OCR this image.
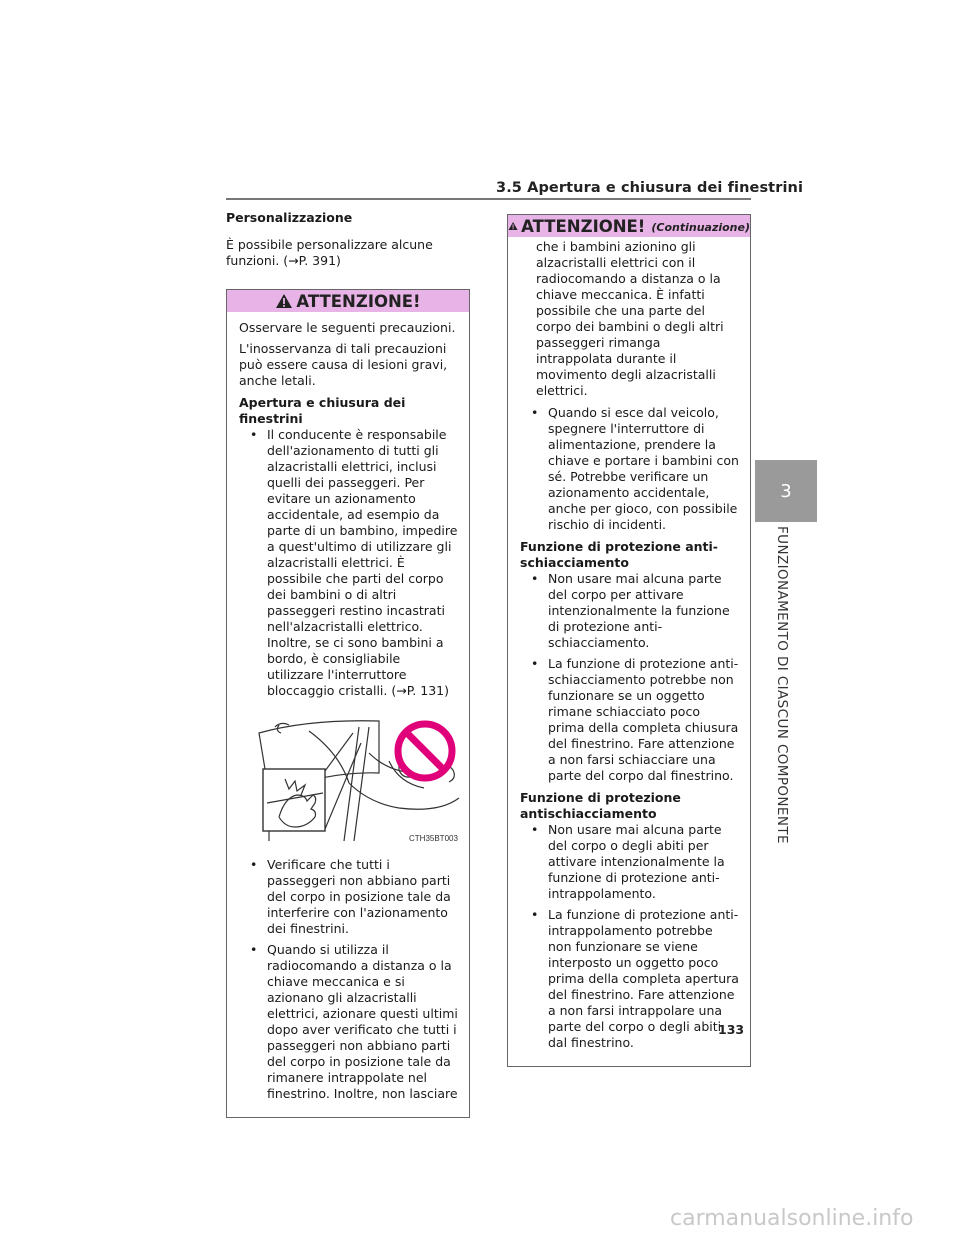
3.5 Apertura e chiusura dei finestrini
Personalizzazione
È possibile personalizzare alcune funzioni. (→P. 391)
ATTENZIONE!
Osservare le seguenti precauzioni.
L'inosservanza di tali precauzioni può essere causa di lesioni gravi, anche letali.
Apertura e chiusura dei finestrini
• Il conducente è responsabile dell'azionamento di tutti gli alzacristalli elettrici, inclusi quelli dei passeggeri. Per evitare un azionamento accidentale, ad esempio da parte di un bambino, impedire a quest'ultimo di utilizzare gli alzacristalli elettrici. È possibile che parti del corpo dei bambini o di altri passeggeri restino incastrati nell'alzacristalli elettrico. Inoltre, se ci sono bambini a bordo, è consigliabile utilizzare l'interruttore bloccaggio cristalli. (→P. 131)
CTH35BT003
• Verificare che tutti i passeggeri non abbiano parti del corpo in posizione tale da interferire con l'azionamento dei finestrini.
• Quando si utilizza il radiocomando a distanza o la chiave meccanica e si azionano gli alzacristalli elettrici, azionare questi ultimi dopo aver verificato che tutti i passeggeri non abbiano parti del corpo in posizione tale da rimanere intrappolate nel finestrino. Inoltre, non lasciare
ATTENZIONE! (Continuazione)
che i bambini azionino gli alzacristalli elettrici con il radiocomando a distanza o la chiave meccanica. È infatti possibile che una parte del corpo dei bambini o degli altri passeggeri rimanga intrappolata durante il movimento degli alzacristalli elettrici.
• Quando si esce dal veicolo, spegnere l'interruttore di alimentazione, prendere la chiave e portare i bambini con sé. Potrebbe verificare un azionamento accidentale, anche per gioco, con possibile rischio di incidenti.
Funzione di protezione anti-schiacciamento
• Non usare mai alcuna parte del corpo per attivare intenzionalmente la funzione di protezione anti-schiacciamento.
• La funzione di protezione anti-schiacciamento potrebbe non funzionare se un oggetto rimane schiacciato poco prima della completa chiusura del finestrino. Fare attenzione a non farsi schiacciare una parte del corpo dal finestrino.
Funzione di protezione antischiacciamento
• Non usare mai alcuna parte del corpo o degli abiti per attivare intenzionalmente la funzione di protezione anti-intrappolamento.
• La funzione di protezione anti-intrappolamento potrebbe non funzionare se viene interposto un oggetto poco prima della completa apertura del finestrino. Fare attenzione a non farsi intrappolare una parte del corpo o degli abiti dal finestrino.
3
FUNZIONAMENTO DI CIASCUN COMPONENTE
133
carmanualsonline.info
